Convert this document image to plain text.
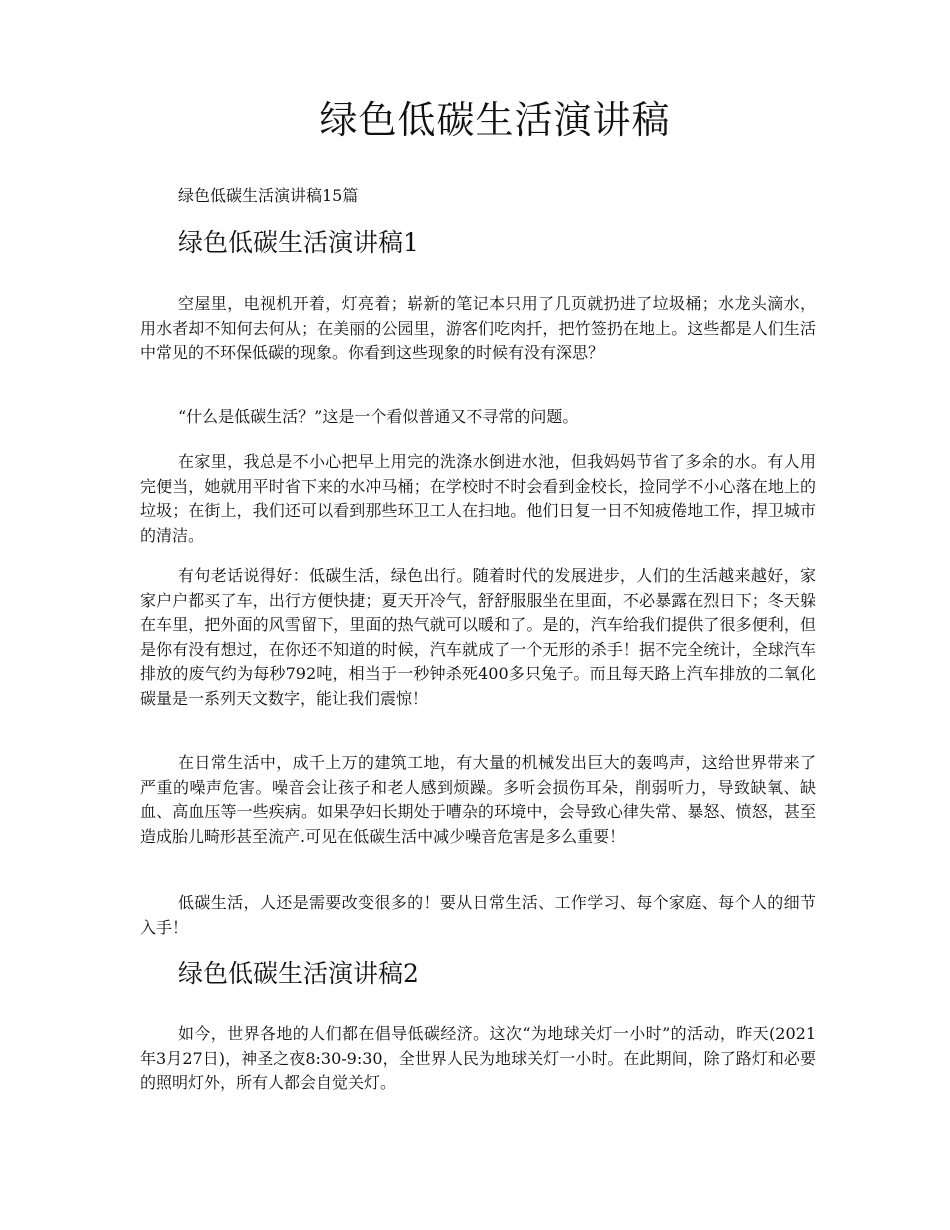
绿色低碳生活演讲稿

绿色低碳生活演讲稿15篇

绿色低碳生活演讲稿1

空屋里，电视机开着，灯亮着；崭新的笔记本只用了几页就扔进了垃圾桶；水龙头滴水，用水者却不知何去何从；在美丽的公园里，游客们吃肉扦，把竹签扔在地上。这些都是人们生活中常见的不环保低碳的现象。你看到这些现象的时候有没有深思？

“什么是低碳生活？”这是一个看似普通又不寻常的问题。

在家里，我总是不小心把早上用完的洗涤水倒进水池，但我妈妈节省了多余的水。有人用完便当，她就用平时省下来的水冲马桶；在学校时不时会看到金校长，捡同学不小心落在地上的垃圾；在街上，我们还可以看到那些环卫工人在扫地。他们日复一日不知疲倦地工作，捍卫城市的清洁。

有句老话说得好：低碳生活，绿色出行。随着时代的发展进步，人们的生活越来越好，家家户户都买了车，出行方便快捷；夏天开冷气，舒舒服服坐在里面，不必暴露在烈日下；冬天躲在车里，把外面的风雪留下，里面的热气就可以暖和了。是的，汽车给我们提供了很多便利，但是你有没有想过，在你还不知道的时候，汽车就成了一个无形的杀手！据不完全统计，全球汽车排放的废气约为每秒792吨，相当于一秒钟杀死400多只兔子。而且每天路上汽车排放的二氧化碳量是一系列天文数字，能让我们震惊！

在日常生活中，成千上万的建筑工地，有大量的机械发出巨大的轰鸣声，这给世界带来了严重的噪声危害。噪音会让孩子和老人感到烦躁。多听会损伤耳朵，削弱听力，导致缺氧、缺血、高血压等一些疾病。如果孕妇长期处于嘈杂的环境中，会导致心律失常、暴怒、愤怒，甚至造成胎儿畸形甚至流产.可见在低碳生活中减少噪音危害是多么重要！

低碳生活，人还是需要改变很多的！要从日常生活、工作学习、每个家庭、每个人的细节入手！

绿色低碳生活演讲稿2

如今，世界各地的人们都在倡导低碳经济。这次“为地球关灯一小时”的活动，昨天(2021年3月27日)，神圣之夜8:30-9:30，全世界人民为地球关灯一小时。在此期间，除了路灯和必要的照明灯外，所有人都会自觉关灯。
